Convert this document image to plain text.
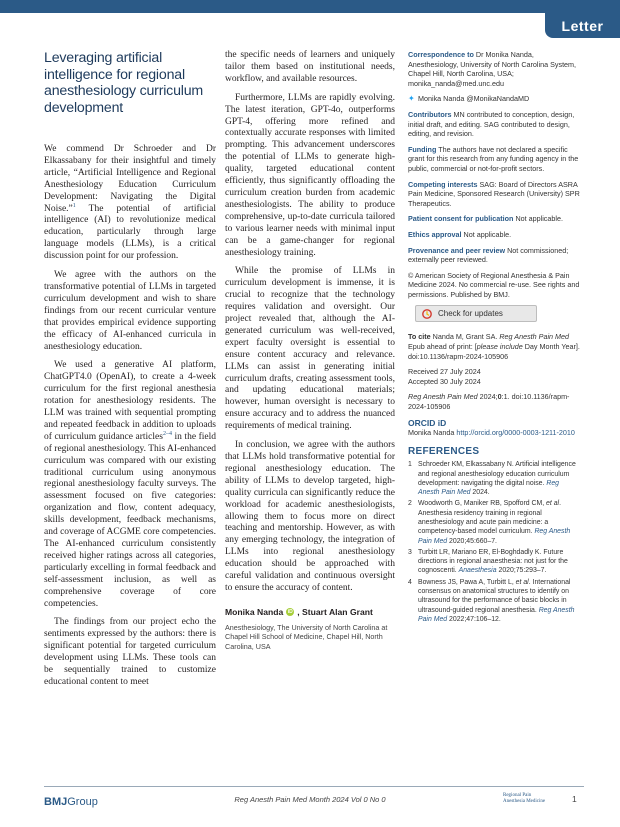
Letter
Leveraging artificial intelligence for regional anesthesiology curriculum development

We commend Dr Schroeder and Dr Elkassabany for their insightful and timely article, “Artificial Intelligence and Regional Anesthesiology Education Curriculum Development: Navigating the Digital Noise.”$^1$ The potential of artificial intelligence (AI) to revolutionize medical education, particularly through large language models (LLMs), is a critical discussion point for our profession.

We agree with the authors on the transformative potential of LLMs in targeted curriculum development and wish to share findings from our recent curricular venture that provides empirical evidence supporting the efficacy of AI-enhanced curricula in anesthesiology education.

We used a generative AI platform, ChatGPT4.0 (OpenAI), to create a 4-week curriculum for the first regional anesthesia rotation for anesthesiology residents. The LLM was trained with sequential prompting and repeated feedback in addition to uploads of curriculum guidance articles$^{2-4}$ in the field of regional anesthesiology. This AI-enhanced curriculum was compared with our existing traditional curriculum using anonymous regional anesthesiology faculty surveys. The assessment focused on five categories: organization and flow, content adequacy, skills development, feedback mechanisms, and coverage of ACGME core competencies. The AI-enhanced curriculum consistently received higher ratings across all categories, particularly excelling in formal feedback and self-assessment inclusion, as well as comprehensive coverage of core competencies.

The findings from our project echo the sentiments expressed by the authors: there is significant potential for targeted curriculum development using LLMs. These tools can be sequentially trained to customize educational content to meet

the specific needs of learners and uniquely tailor them based on institutional needs, workflow, and available resources.

Furthermore, LLMs are rapidly evolving. The latest iteration, GPT-4o, outperforms GPT-4, offering more refined and contextually accurate responses with limited prompting. This advancement underscores the potential of LLMs to generate high-quality, targeted educational content efficiently, thus significantly offloading the curriculum creation burden from academic anesthesiologists. The ability to produce comprehensive, up-to-date curricula tailored to various learner needs with minimal input can be a game-changer for regional anesthesiology training.

While the promise of LLMs in curriculum development is immense, it is crucial to recognize that the technology requires validation and oversight. Our project revealed that, although the AI-generated curriculum was well-received, expert faculty oversight is essential to ensure content accuracy and relevance. LLMs can assist in generating initial curriculum drafts, creating assessment tools, and updating educational materials; however, human oversight is necessary to ensure accuracy and to address the nuanced requirements of medical training.

In conclusion, we agree with the authors that LLMs hold transformative potential for regional anesthesiology education. The ability of LLMs to develop targeted, high-quality curricula can significantly reduce the workload for academic anesthesiologists, allowing them to focus more on direct teaching and mentorship. However, as with any emerging technology, the integration of LLMs into regional anesthesiology education should be approached with careful validation and continuous oversight to ensure the accuracy of content.

Monika Nanda iD , Stuart Alan Grant
Anesthesiology, The University of North Carolina at Chapel Hill School of Medicine, Chapel Hill, North Carolina, USA

Correspondence to Dr Monika Nanda, Anesthesiology, University of North Carolina System, Chapel Hill, North Carolina, USA; monika_nanda@med.unc.edu

✦ Monika Nanda @MonikaNandaMD

Contributors MN contributed to conception, design, initial draft, and editing. SAG contributed to design, editing, and revision.

Funding The authors have not declared a specific grant for this research from any funding agency in the public, commercial or not-for-profit sectors.

Competing interests SAG: Board of Directors ASRA Pain Medicine, Sponsored Research (University) SPR Therapeutics.

Patient consent for publication Not applicable.

Ethics approval Not applicable.

Provenance and peer review Not commissioned; externally peer reviewed.

© American Society of Regional Anesthesia & Pain Medicine 2024. No commercial re-use. See rights and permissions. Published by BMJ.

Check for updates

To cite Nanda M, Grant SA. Reg Anesth Pain Med Epub ahead of print: [please include Day Month Year]. doi:10.1136/rapm-2024-105906

Received 27 July 2024

Accepted 30 July 2024

Reg Anesth Pain Med 2024;0:1. doi:10.1136/rapm-2024-105906

ORCID iD

Monika Nanda http://orcid.org/0000-0003-1211-2010

REFERENCES
1 Schroeder KM, Elkassabany N. Artificial intelligence and regional anesthesiology education curriculum development: navigating the digital noise. Reg Anesth Pain Med 2024.
2 Woodworth G, Maniker RB, Spofford CM, et al. Anesthesia residency training in regional anesthesiology and acute pain medicine: a competency-based model curriculum. Reg Anesth Pain Med 2020;45:660–7.
3 Turbitt LR, Mariano ER, El-Boghdadly K. Future directions in regional anaesthesia: not just for the cognoscenti. Anaesthesia 2020;75:293–7.
4 Bowness JS, Pawa A, Turbitt L, et al. International consensus on anatomical structures to identify on ultrasound for the performance of basic blocks in ultrasound-guided regional anesthesia. Reg Anesth Pain Med 2022;47:106–12.
BMJGroup	Reg Anesth Pain Med Month 2024 Vol 0 No 0	Regional Pain
Anesthesia Medicine	1
